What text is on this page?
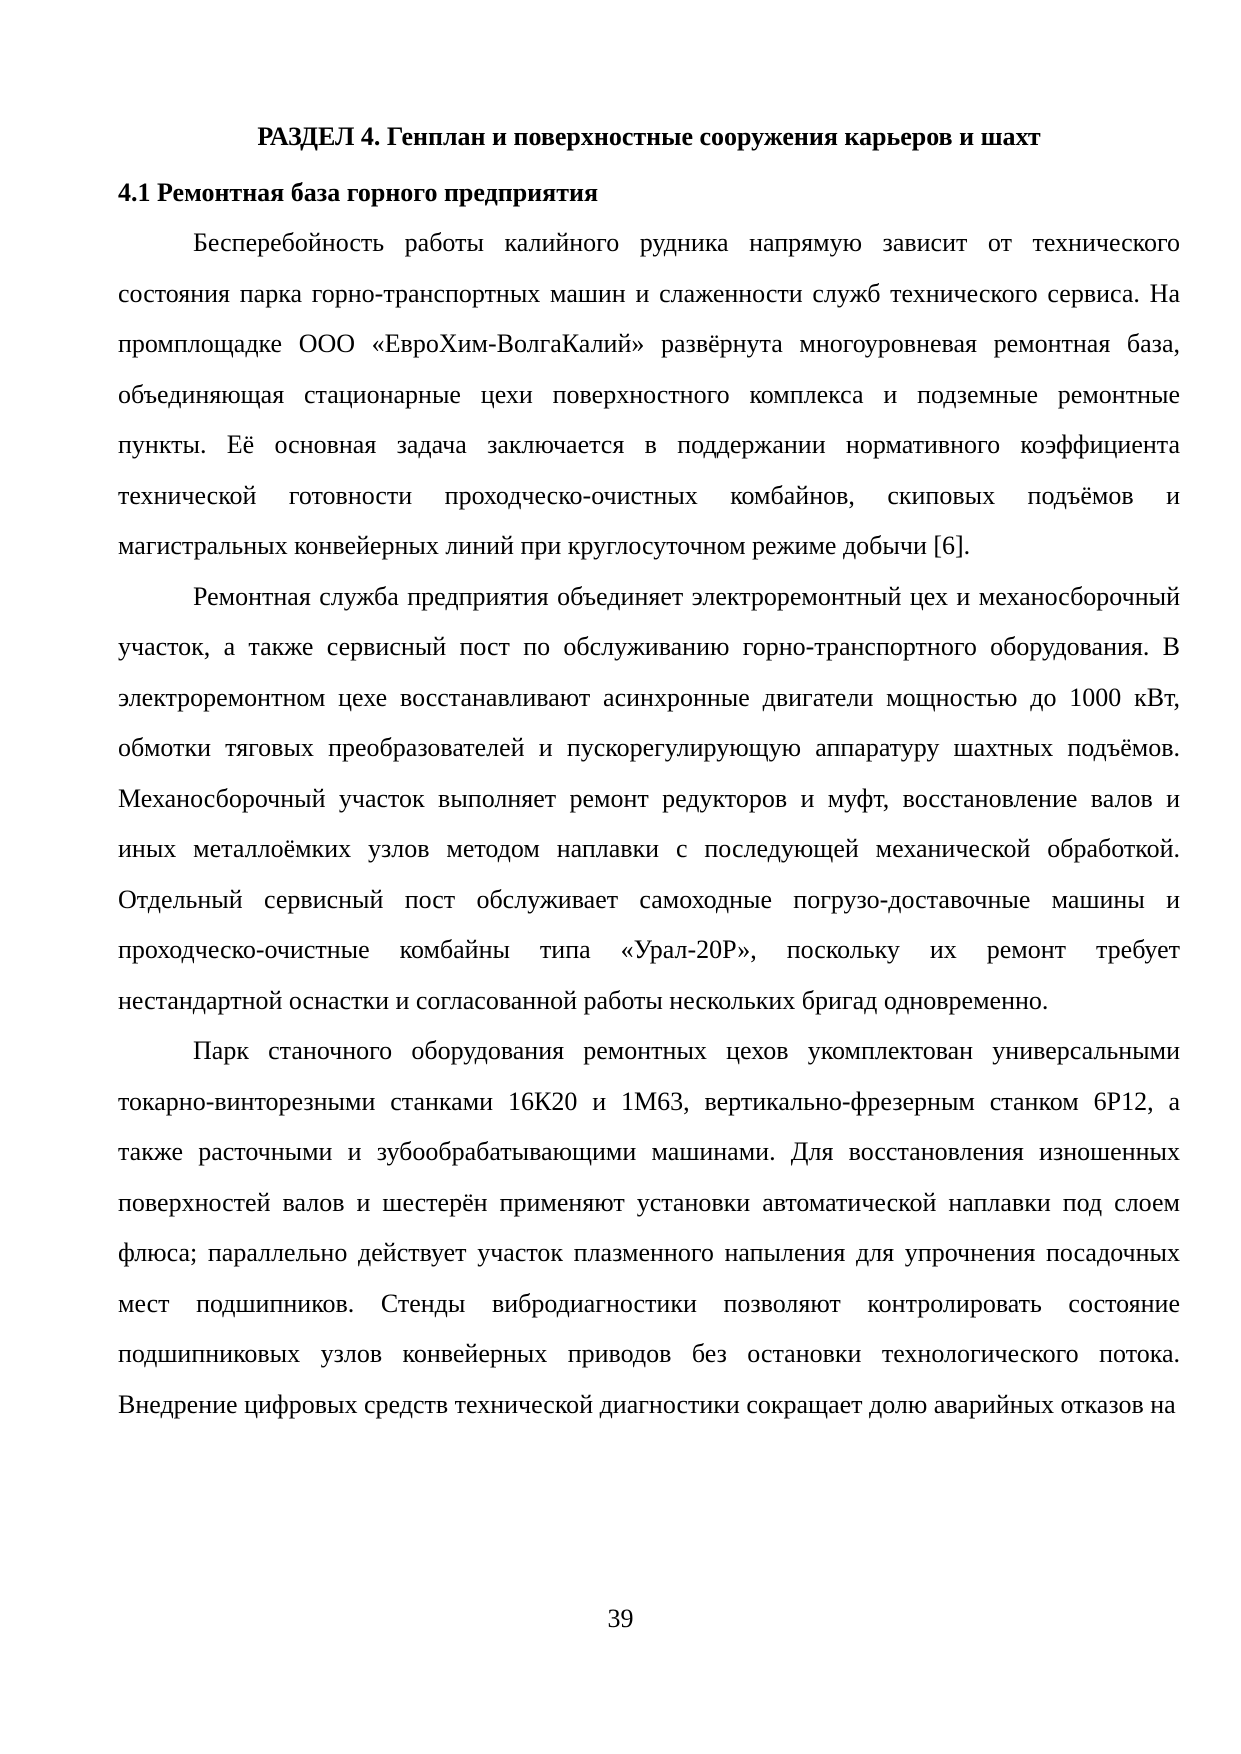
РАЗДЕЛ 4. Генплан и поверхностные сооружения карьеров и шахт
4.1 Ремонтная база горного предприятия

Бесперебойность работы калийного рудника напрямую зависит от технического состояния парка горно-транспортных машин и слаженности служб технического сервиса. На промплощадке ООО «ЕвроХим-ВолгаКалий» развёрнута многоуровневая ремонтная база, объединяющая стационарные цехи поверхностного комплекса и подземные ремонтные пункты. Её основная задача заключается в поддержании нормативного коэффициента технической готовности проходческо-очистных комбайнов, скиповых подъёмов и магистральных конвейерных линий при круглосуточном режиме добычи [6].

Ремонтная служба предприятия объединяет электроремонтный цех и механосборочный участок, а также сервисный пост по обслуживанию горно-транспортного оборудования. В электроремонтном цехе восстанавливают асинхронные двигатели мощностью до 1000 кВт, обмотки тяговых преобразователей и пускорегулирующую аппаратуру шахтных подъёмов. Механосборочный участок выполняет ремонт редукторов и муфт, восстановление валов и иных металлоёмких узлов методом наплавки с последующей механической обработкой. Отдельный сервисный пост обслуживает самоходные погрузо-доставочные машины и проходческо-очистные комбайны типа «Урал-20Р», поскольку их ремонт требует нестандартной оснастки и согласованной работы нескольких бригад одновременно.

Парк станочного оборудования ремонтных цехов укомплектован универсальными токарно-винторезными станками 16К20 и 1М63, вертикально-фрезерным станком 6Р12, а также расточными и зубообрабатывающими машинами. Для восстановления изношенных поверхностей валов и шестерён применяют установки автоматической наплавки под слоем флюса; параллельно действует участок плазменного напыления для упрочнения посадочных мест подшипников. Стенды вибродиагностики позволяют контролировать состояние подшипниковых узлов конвейерных приводов без остановки технологического потока. Внедрение цифровых средств технической диагностики сокращает долю аварийных отказов на

39
